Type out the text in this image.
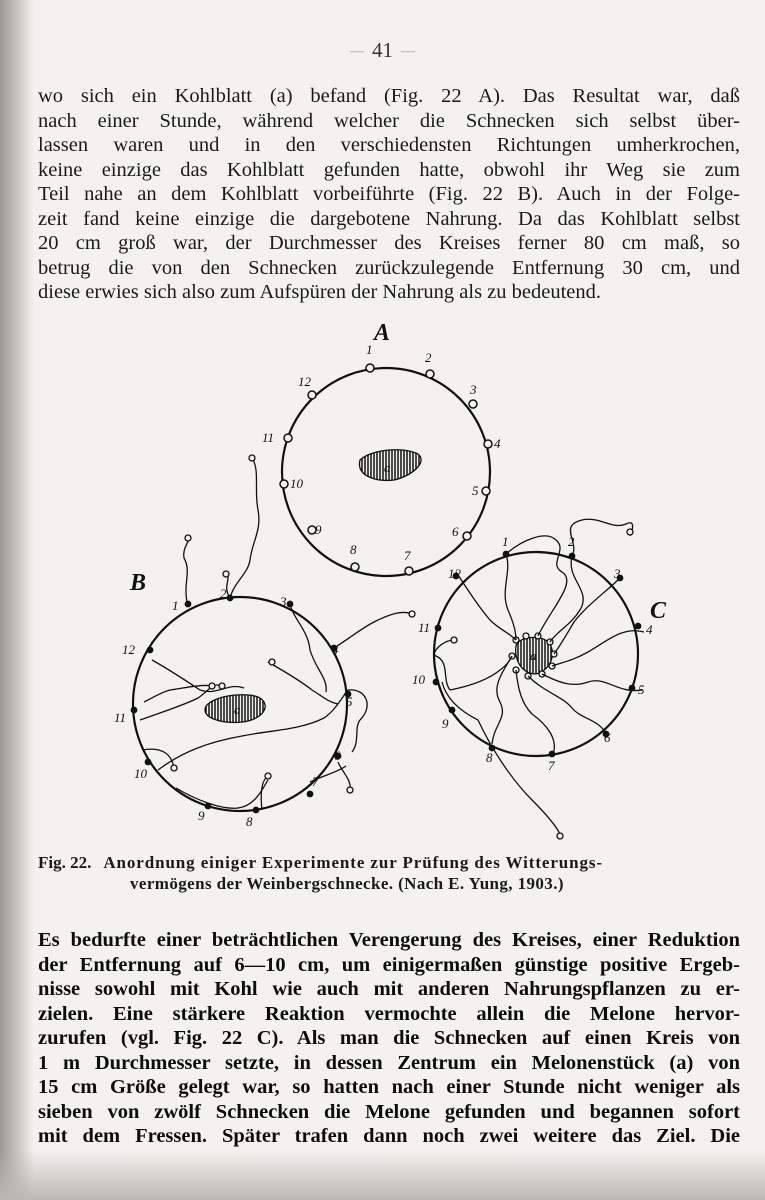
— 41 —
wo sich ein Kohlblatt (a) befand (Fig. 22 A). Das Resultat war, daß
nach einer Stunde, während welcher die Schnecken sich selbst über-
lassen waren und in den verschiedensten Richtungen umherkrochen,
keine einzige das Kohlblatt gefunden hatte, obwohl ihr Weg sie zum
Teil nahe an dem Kohlblatt vorbeiführte (Fig. 22 B). Auch in der Folge-
zeit fand keine einzige die dargebotene Nahrung. Da das Kohlblatt selbst
20 cm groß war, der Durchmesser des Kreises ferner 80 cm maß, so
betrug die von den Schnecken zurückzulegende Entfernung 30 cm, und
diese erwies sich also zum Aufspüren der Nahrung als zu bedeutend.
A
a
1
2
3
4
5
6
7
8
9
10
11
12
B
a
1
2
3
4
5
6
7
8
9
10
11
12
C
a
1	2
3
4
5
6
7
8
9
10
11
12
Fig. 22. Anordnung einiger Experimente zur Prüfung des Witterungs-
vermögens der Weinbergschnecke. (Nach E. Yung, 1903.)
Es bedurfte einer beträchtlichen Verengerung des Kreises, einer Reduktion
der Entfernung auf 6—10 cm, um einigermaßen günstige positive Ergeb-
nisse sowohl mit Kohl wie auch mit anderen Nahrungspflanzen zu er-
zielen. Eine stärkere Reaktion vermochte allein die Melone hervor-
zurufen (vgl. Fig. 22 C). Als man die Schnecken auf einen Kreis von
1 m Durchmesser setzte, in dessen Zentrum ein Melonenstück (a) von
15 cm Größe gelegt war, so hatten nach einer Stunde nicht weniger als
sieben von zwölf Schnecken die Melone gefunden und begannen sofort
mit dem Fressen. Später trafen dann noch zwei weitere das Ziel. Die
